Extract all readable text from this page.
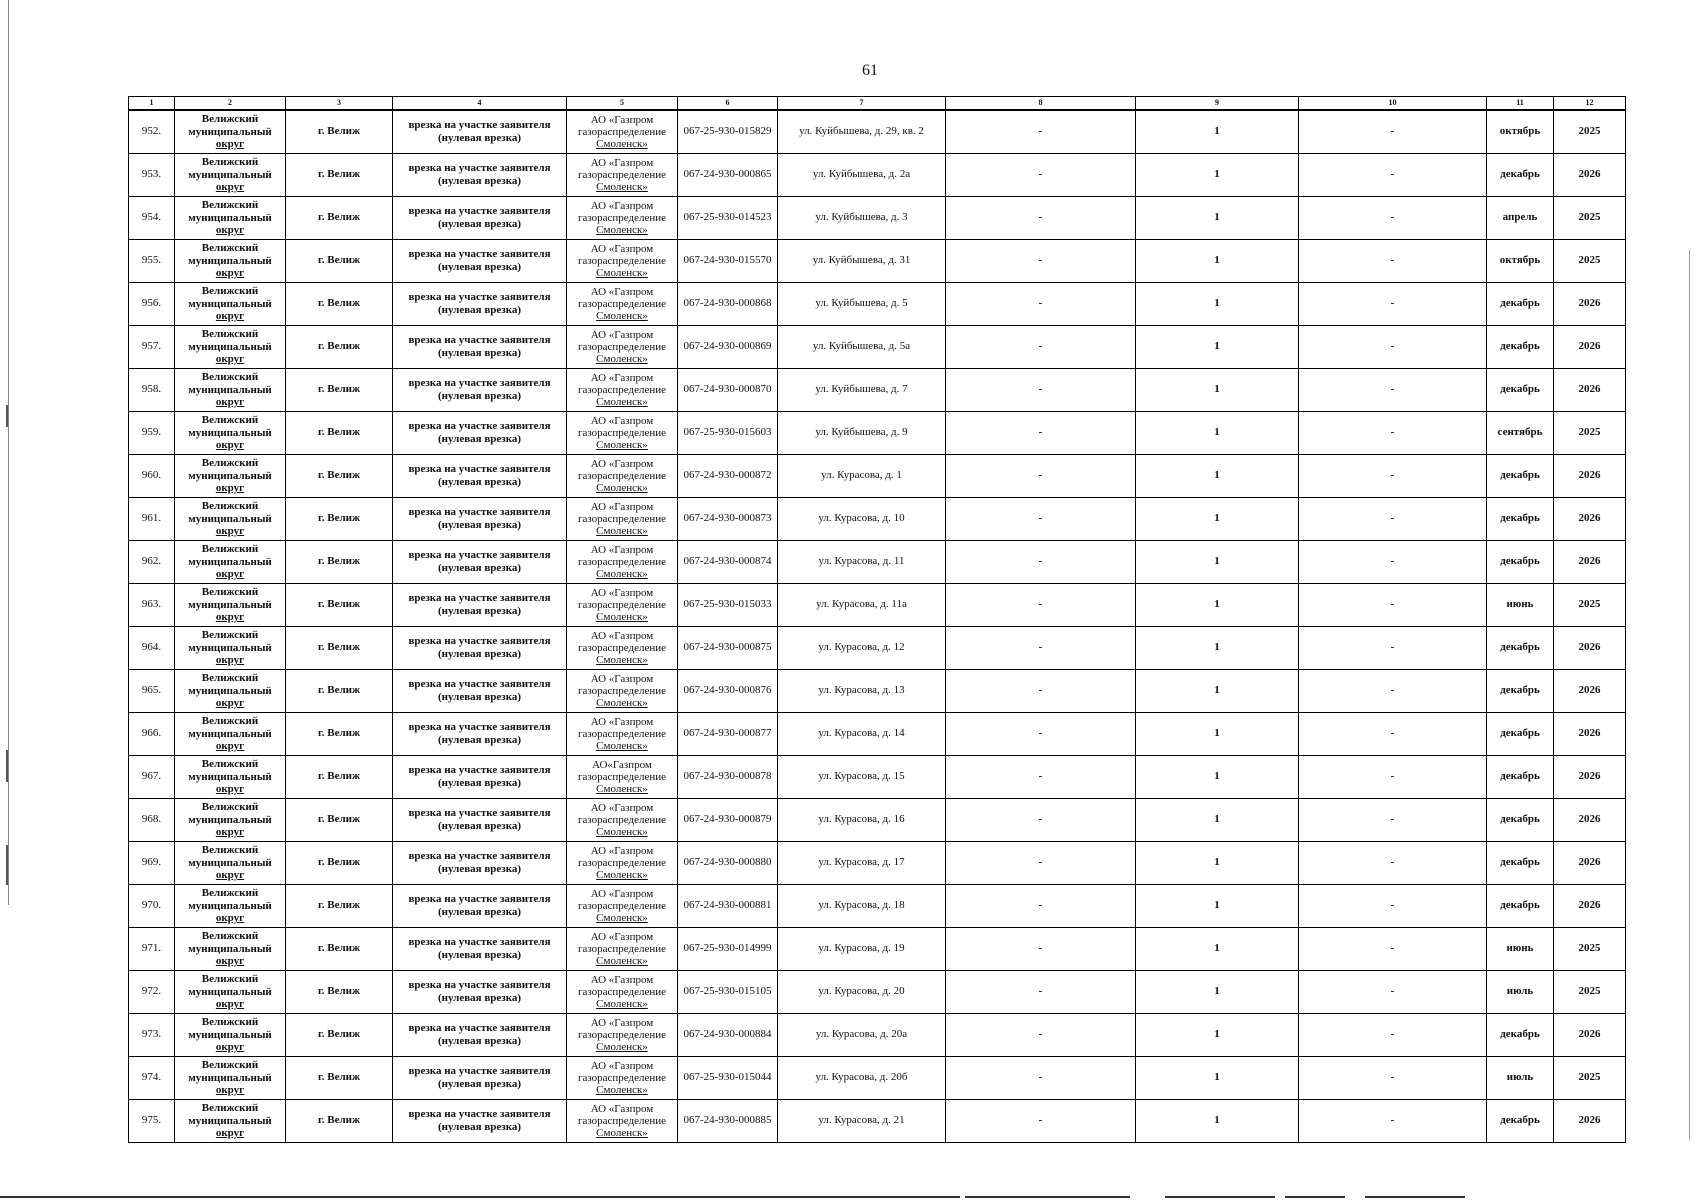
61
1	2	3	4	5	6	7	8	9	10	11	12
952.	Велижский
муниципальный
округ	г. Велиж	врезка на участке заявителя
(нулевая врезка)	АО «Газпром
газораспределение
Смоленск»	067-25-930-015829	ул. Куйбышева, д. 29, кв. 2	-	1	-	октябрь	2025
953.	Велижский
муниципальный
округ	г. Велиж	врезка на участке заявителя
(нулевая врезка)	АО «Газпром
газораспределение
Смоленск»	067-24-930-000865	ул. Куйбышева, д. 2а	-	1	-	декабрь	2026
954.	Велижский
муниципальный
округ	г. Велиж	врезка на участке заявителя
(нулевая врезка)	АО «Газпром
газораспределение
Смоленск»	067-25-930-014523	ул. Куйбышева, д. 3	-	1	-	апрель	2025
955.	Велижский
муниципальный
округ	г. Велиж	врезка на участке заявителя
(нулевая врезка)	АО «Газпром
газораспределение
Смоленск»	067-24-930-015570	ул. Куйбышева, д. 31	-	1	-	октябрь	2025
956.	Велижский
муниципальный
округ	г. Велиж	врезка на участке заявителя
(нулевая врезка)	АО «Газпром
газораспределение
Смоленск»	067-24-930-000868	ул. Куйбышева, д. 5	-	1	-	декабрь	2026
957.	Велижский
муниципальный
округ	г. Велиж	врезка на участке заявителя
(нулевая врезка)	АО «Газпром
газораспределение
Смоленск»	067-24-930-000869	ул. Куйбышева, д. 5а	-	1	-	декабрь	2026
958.	Велижский
муниципальный
округ	г. Велиж	врезка на участке заявителя
(нулевая врезка)	АО «Газпром
газораспределение
Смоленск»	067-24-930-000870	ул. Куйбышева, д. 7	-	1	-	декабрь	2026
959.	Велижский
муниципальный
округ	г. Велиж	врезка на участке заявителя
(нулевая врезка)	АО «Газпром
газораспределение
Смоленск»	067-25-930-015603	ул. Куйбышева, д. 9	-	1	-	сентябрь	2025
960.	Велижский
муниципальный
округ	г. Велиж	врезка на участке заявителя
(нулевая врезка)	АО «Газпром
газораспределение
Смоленск»	067-24-930-000872	ул. Курасова, д. 1	-	1	-	декабрь	2026
961.	Велижский
муниципальный
округ	г. Велиж	врезка на участке заявителя
(нулевая врезка)	АО «Газпром
газораспределение
Смоленск»	067-24-930-000873	ул. Курасова, д. 10	-	1	-	декабрь	2026
962.	Велижский
муниципальный
округ	г. Велиж	врезка на участке заявителя
(нулевая врезка)	АО «Газпром
газораспределение
Смоленск»	067-24-930-000874	ул. Курасова, д. 11	-	1	-	декабрь	2026
963.	Велижский
муниципальный
округ	г. Велиж	врезка на участке заявителя
(нулевая врезка)	АО «Газпром
газораспределение
Смоленск»	067-25-930-015033	ул. Курасова, д. 11а	-	1	-	июнь	2025
964.	Велижский
муниципальный
округ	г. Велиж	врезка на участке заявителя
(нулевая врезка)	АО «Газпром
газораспределение
Смоленск»	067-24-930-000875	ул. Курасова, д. 12	-	1	-	декабрь	2026
965.	Велижский
муниципальный
округ	г. Велиж	врезка на участке заявителя
(нулевая врезка)	АО «Газпром
газораспределение
Смоленск»	067-24-930-000876	ул. Курасова, д. 13	-	1	-	декабрь	2026
966.	Велижский
муниципальный
округ	г. Велиж	врезка на участке заявителя
(нулевая врезка)	АО «Газпром
газораспределение
Смоленск»	067-24-930-000877	ул. Курасова, д. 14	-	1	-	декабрь	2026
967.	Велижский
муниципальный
округ	г. Велиж	врезка на участке заявителя
(нулевая врезка)	АО«Газпром
газораспределение
Смоленск»	067-24-930-000878	ул. Курасова, д. 15	-	1	-	декабрь	2026
968.	Велижский
муниципальный
округ	г. Велиж	врезка на участке заявителя
(нулевая врезка)	АО «Газпром
газораспределение
Смоленск»	067-24-930-000879	ул. Курасова, д. 16	-	1	-	декабрь	2026
969.	Велижский
муниципальный
округ	г. Велиж	врезка на участке заявителя
(нулевая врезка)	АО «Газпром
газораспределение
Смоленск»	067-24-930-000880	ул. Курасова, д. 17	-	1	-	декабрь	2026
970.	Велижский
муниципальный
округ	г. Велиж	врезка на участке заявителя
(нулевая врезка)	АО «Газпром
газораспределение
Смоленск»	067-24-930-000881	ул. Курасова, д. 18	-	1	-	декабрь	2026
971.	Велижский
муниципальный
округ	г. Велиж	врезка на участке заявителя
(нулевая врезка)	АО «Газпром
газораспределение
Смоленск»	067-25-930-014999	ул. Курасова, д. 19	-	1	-	июнь	2025
972.	Велижский
муниципальный
округ	г. Велиж	врезка на участке заявителя
(нулевая врезка)	АО «Газпром
газораспределение
Смоленск»	067-25-930-015105	ул. Курасова, д. 20	-	1	-	июль	2025
973.	Велижский
муниципальный
округ	г. Велиж	врезка на участке заявителя
(нулевая врезка)	АО «Газпром
газораспределение
Смоленск»	067-24-930-000884	ул. Курасова, д. 20а	-	1	-	декабрь	2026
974.	Велижский
муниципальный
округ	г. Велиж	врезка на участке заявителя
(нулевая врезка)	АО «Газпром
газораспределение
Смоленск»	067-25-930-015044	ул. Курасова, д. 20б	-	1	-	июль	2025
975.	Велижский
муниципальный
округ	г. Велиж	врезка на участке заявителя
(нулевая врезка)	АО «Газпром
газораспределение
Смоленск»	067-24-930-000885	ул. Курасова, д. 21	-	1	-	декабрь	2026
